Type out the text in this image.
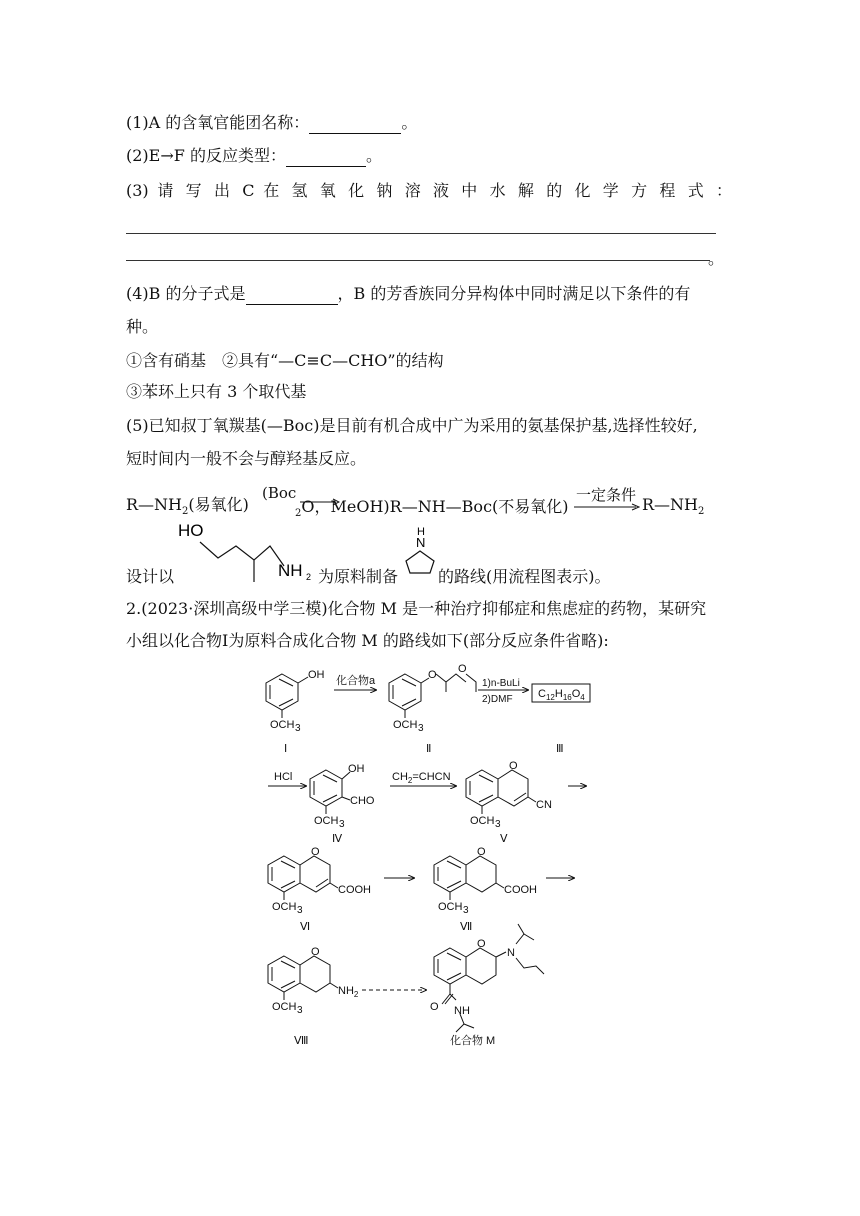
(1)A 的含氧官能团名称：	。
(2)E→F 的反应类型：	。
(3) 请 写 出 C 在 氢 氧 化 钠 溶 液 中 水 解 的 化 学 方 程 式 ：
。
(4)B 的分子式是	，B 的芳香族同分异构体中同时满足以下条件的有
种。
①含有硝基　②具有“—C≡C—CHO”的结构
③苯环上只有 3 个取代基
(5)已知叔丁氧羰基(—Boc)是目前有机合成中广为采用的氨基保护基,选择性较好,
短时间内一般不会与醇羟基反应。
$R—NH_2$(易氧化)
(Boc
$_2$O，MeOH)R—NH—Boc(不易氧化)
一定条件 $R—NH_2$
设计以
HO
NH 2 为原料制备
H
N
的路线(用流程图表示)。
2.(2023·深圳高级中学三模)化合物 M 是一种治疗抑郁症和焦虑症的药物，某研究
小组以化合物Ⅰ为原料合成化合物 M 的路线如下(部分反应条件省略):
OH
OCH 3
Ⅰ
化合物a	O O
OCH 3
Ⅱ
1)n-BuLi
2)DMF $C_{12}H_{16}O_4$
Ⅲ
HCl
OH
CHO
OCH 3
Ⅳ
$CH_2=CHCN$
O
CN
OCH 3
Ⅴ
O
COOH
OCH 3
Ⅵ
O
COOH
OCH 3
Ⅶ
O
$NH_2$
OCH 3
Ⅷ
O
N
O NH
化合物 M
